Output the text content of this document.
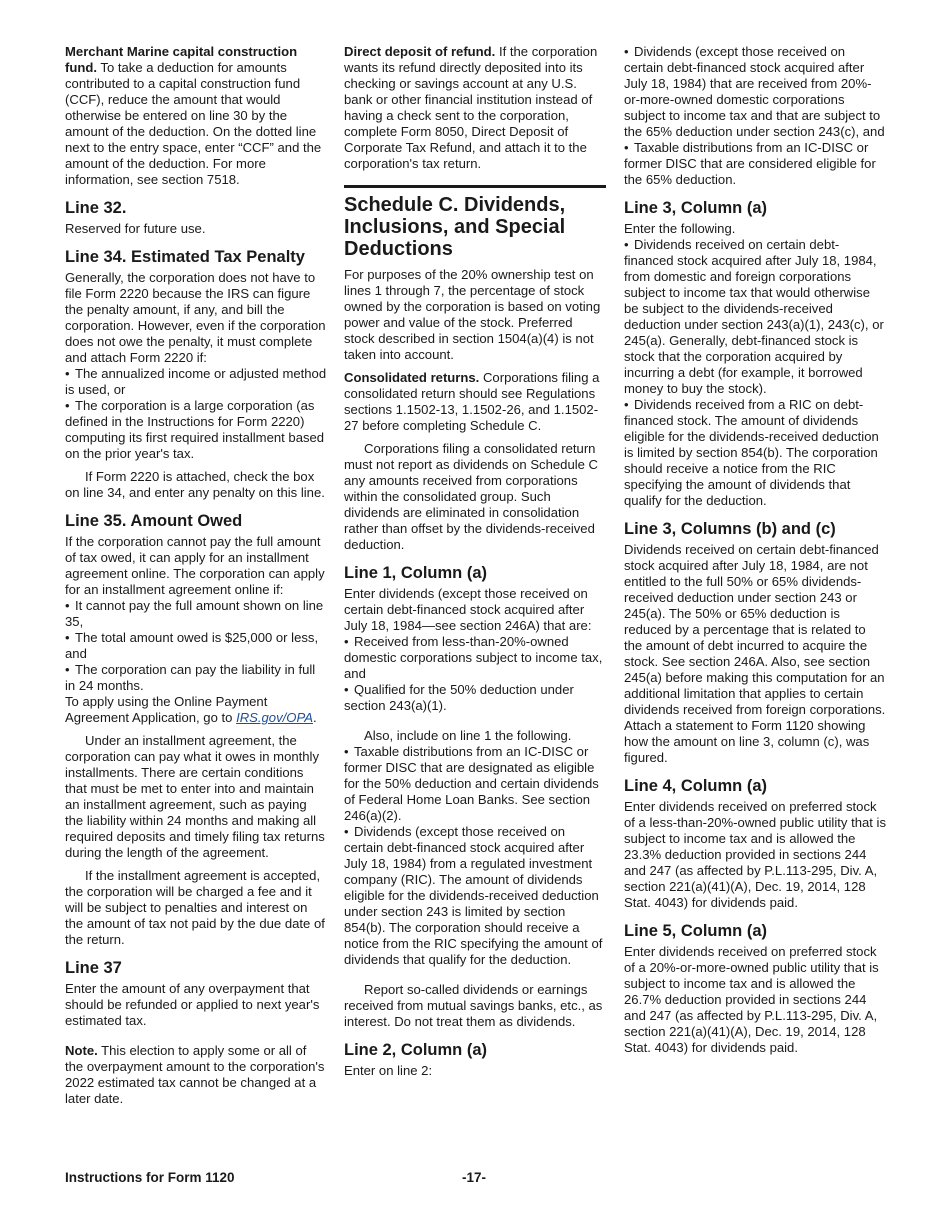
Merchant Marine capital construction fund. To take a deduction for amounts contributed to a capital construction fund (CCF), reduce the amount that would otherwise be entered on line 30 by the amount of the deduction. On the dotted line next to the entry space, enter “CCF” and the amount of the deduction. For more information, see section 7518.

Line 32.

Reserved for future use.

Line 34. Estimated Tax Penalty

Generally, the corporation does not have to file Form 2220 because the IRS can figure the penalty amount, if any, and bill the corporation. However, even if the corporation does not owe the penalty, it must complete and attach Form 2220 if:

• The annualized income or adjusted method is used, or
• The corporation is a large corporation (as defined in the Instructions for Form 2220) computing its first required installment based on the prior year's tax.

If Form 2220 is attached, check the box on line 34, and enter any penalty on this line.

Line 35. Amount Owed

If the corporation cannot pay the full amount of tax owed, it can apply for an installment agreement online. The corporation can apply for an installment agreement online if:

• It cannot pay the full amount shown on line 35,
• The total amount owed is $25,000 or less, and
• The corporation can pay the liability in full in 24 months.

To apply using the Online Payment Agreement Application, go to IRS.gov/OPA.

Under an installment agreement, the corporation can pay what it owes in monthly installments. There are certain conditions that must be met to enter into and maintain an installment agreement, such as paying the liability within 24 months and making all required deposits and timely filing tax returns during the length of the agreement.

If the installment agreement is accepted, the corporation will be charged a fee and it will be subject to penalties and interest on the amount of tax not paid by the due date of the return.

Line 37

Enter the amount of any overpayment that should be refunded or applied to next year's estimated tax.

Note. This election to apply some or all of the overpayment amount to the corporation's 2022 estimated tax cannot be changed at a later date.

Direct deposit of refund. If the corporation wants its refund directly deposited into its checking or savings account at any U.S. bank or other financial institution instead of having a check sent to the corporation, complete Form 8050, Direct Deposit of Corporate Tax Refund, and attach it to the corporation's tax return.

Schedule C. Dividends, Inclusions, and Special Deductions

For purposes of the 20% ownership test on lines 1 through 7, the percentage of stock owned by the corporation is based on voting power and value of the stock. Preferred stock described in section 1504(a)(4) is not taken into account.

Consolidated returns. Corporations filing a consolidated return should see Regulations sections 1.1502-13, 1.1502-26, and 1.1502-27 before completing Schedule C.

Corporations filing a consolidated return must not report as dividends on Schedule C any amounts received from corporations within the consolidated group. Such dividends are eliminated in consolidation rather than offset by the dividends-received deduction.

Line 1, Column (a)

Enter dividends (except those received on certain debt-financed stock acquired after July 18, 1984—see section 246A) that are:

• Received from less-than-20%-owned domestic corporations subject to income tax, and
• Qualified for the 50% deduction under section 243(a)(1).

Also, include on line 1 the following.

• Taxable distributions from an IC-DISC or former DISC that are designated as eligible for the 50% deduction and certain dividends of Federal Home Loan Banks. See section 246(a)(2).
• Dividends (except those received on certain debt-financed stock acquired after July 18, 1984) from a regulated investment company (RIC). The amount of dividends eligible for the dividends-received deduction under section 243 is limited by section 854(b). The corporation should receive a notice from the RIC specifying the amount of dividends that qualify for the deduction.

Report so-called dividends or earnings received from mutual savings banks, etc., as interest. Do not treat them as dividends.

Line 2, Column (a)

Enter on line 2:

• Dividends (except those received on certain debt-financed stock acquired after July 18, 1984) that are received from 20%-or-more-owned domestic corporations subject to income tax and that are subject to the 65% deduction under section 243(c), and
• Taxable distributions from an IC-DISC or former DISC that are considered eligible for the 65% deduction.
Line 3, Column (a)

Enter the following.

• Dividends received on certain debt-financed stock acquired after July 18, 1984, from domestic and foreign corporations subject to income tax that would otherwise be subject to the dividends-received deduction under section 243(a)(1), 243(c), or 245(a). Generally, debt-financed stock is stock that the corporation acquired by incurring a debt (for example, it borrowed money to buy the stock).
• Dividends received from a RIC on debt-financed stock. The amount of dividends eligible for the dividends-received deduction is limited by section 854(b). The corporation should receive a notice from the RIC specifying the amount of dividends that qualify for the deduction.
Line 3, Columns (b) and (c)

Dividends received on certain debt-financed stock acquired after July 18, 1984, are not entitled to the full 50% or 65% dividends-received deduction under section 243 or 245(a). The 50% or 65% deduction is reduced by a percentage that is related to the amount of debt incurred to acquire the stock. See section 246A. Also, see section 245(a) before making this computation for an additional limitation that applies to certain dividends received from foreign corporations. Attach a statement to Form 1120 showing how the amount on line 3, column (c), was figured.

Line 4, Column (a)

Enter dividends received on preferred stock of a less-than-20%-owned public utility that is subject to income tax and is allowed the 23.3% deduction provided in sections 244 and 247 (as affected by P.L.113-295, Div. A, section 221(a)(41)(A), Dec. 19, 2014, 128 Stat. 4043) for dividends paid.

Line 5, Column (a)

Enter dividends received on preferred stock of a 20%-or-more-owned public utility that is subject to income tax and is allowed the 26.7% deduction provided in sections 244 and 247 (as affected by P.L.113-295, Div. A, section 221(a)(41)(A), Dec. 19, 2014, 128 Stat. 4043) for dividends paid.

Instructions for Form 1120	-17-
